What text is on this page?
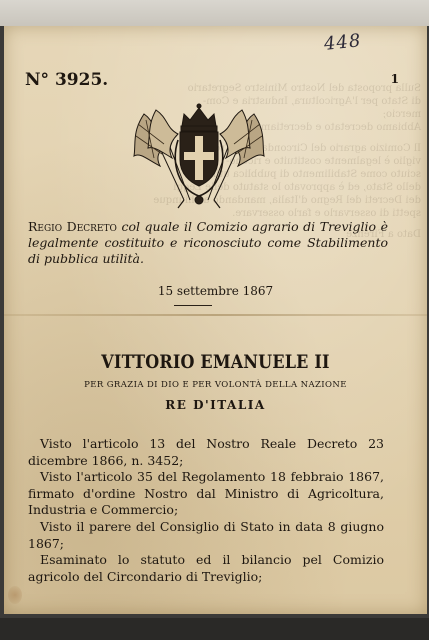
Sulla proposta del Nostro Ministro Segretario
di Stato per l'Agricoltura, Industria e Com-
mercio;
Abbiamo decretato e decretiamo:
Il Comizio agrario del Circondario di Tre-
viglio è legalmente costituito e ricono-
sciuto come Stabilimento di pubblica utilità,
dello Stato, ed è approvato lo statuto delle Leggi
dei Decreti del Regno d'Italia, mandando a chiunque
spetti di osservarlo e farlo osservare.
Dato a Firenze
448
N° 3925.	1
Regio Decreto col quale il Comizio agrario di Treviglio è legalmente costituito e riconosciuto come Stabilimento di pubblica utilità.
15 settembre 1867
VITTORIO EMANUELE II
PER GRAZIA DI DIO E PER VOLONTÀ DELLA NAZIONE
RE D'ITALIA

Visto l'articolo 13 del Nostro Reale Decreto 23 dicembre 1866, n. 3452;

Visto l'articolo 35 del Regolamento 18 febbraio 1867, firmato d'ordine Nostro dal Ministro di Agricoltura, Industria e Commercio;

Visto il parere del Consiglio di Stato in data 8 giugno 1867;

Esaminato lo statuto ed il bilancio pel Comizio agricolo del Circondario di Treviglio;
